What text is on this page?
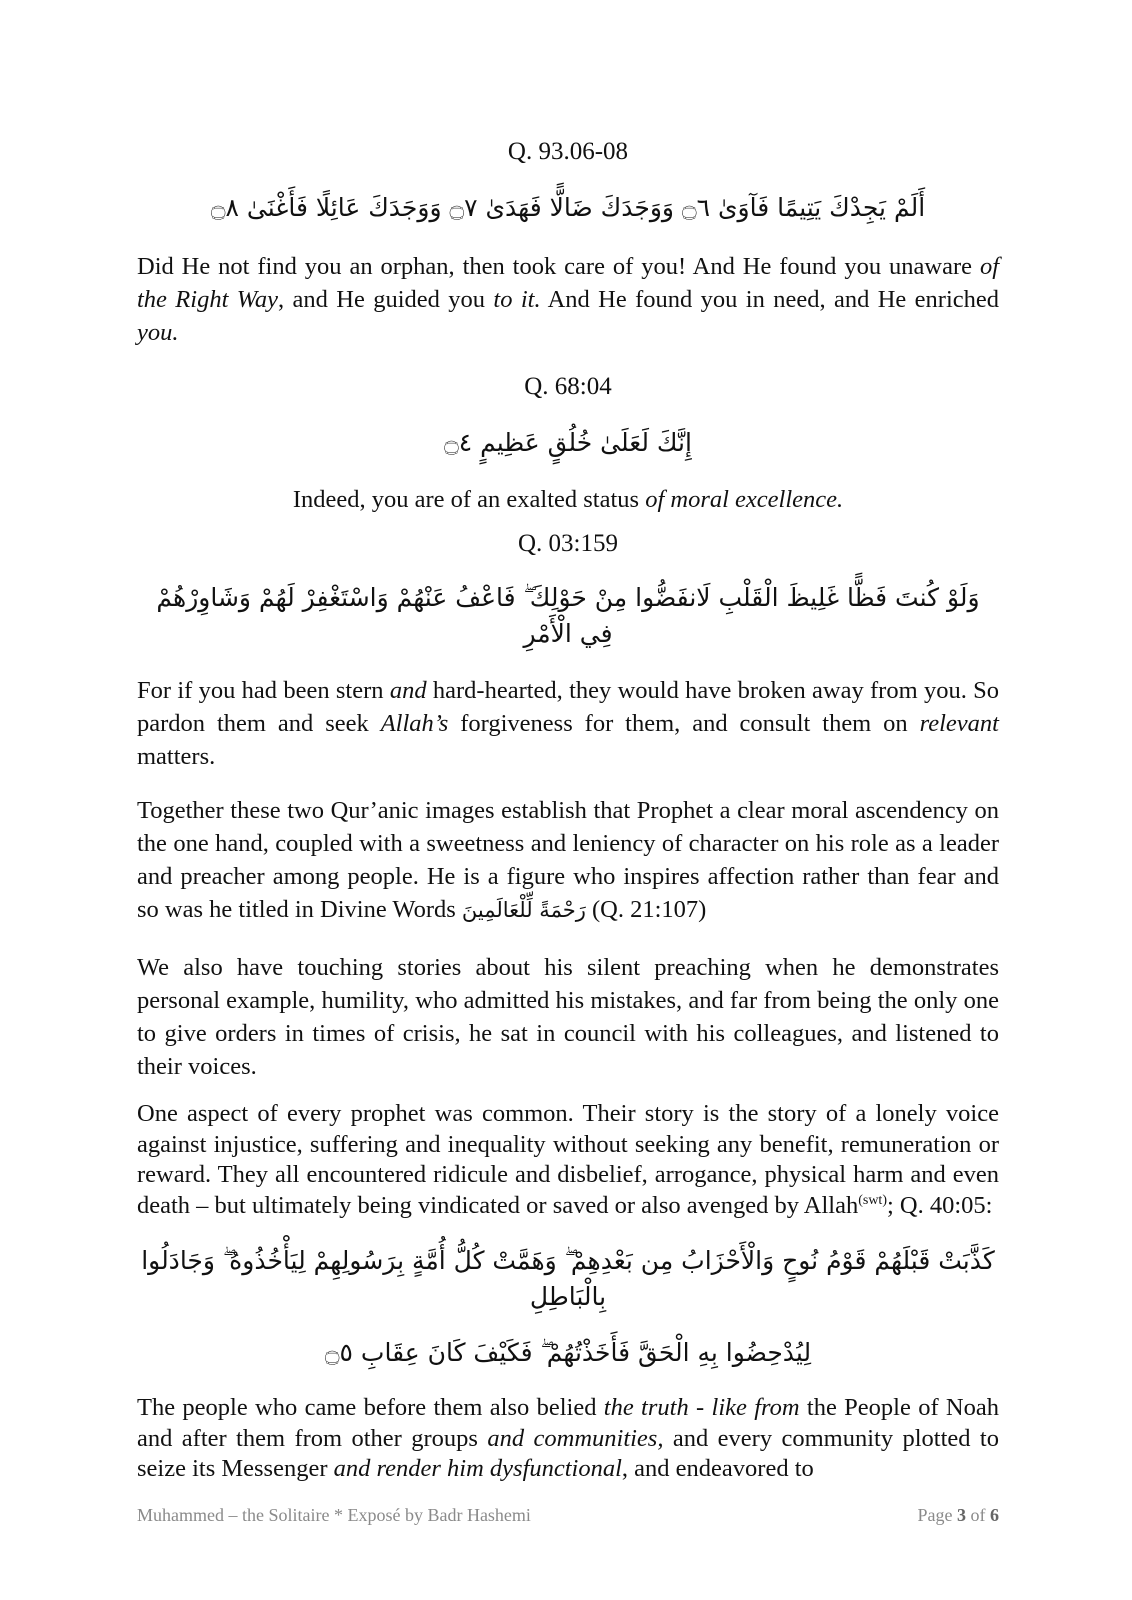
Q. 93.06-08

أَلَمْ يَجِدْكَ يَتِيمًا فَآوَىٰ ۝٦ وَوَجَدَكَ ضَالًّا فَهَدَىٰ ۝٧ وَوَجَدَكَ عَائِلًا فَأَغْنَىٰ ۝٨

Did He not find you an orphan, then took care of you! And He found you unaware of the Right Way, and He guided you to it. And He found you in need, and He enriched you.

Q. 68:04

إِنَّكَ لَعَلَىٰ خُلُقٍ عَظِيمٍ ۝٤

Indeed, you are of an exalted status of moral excellence.

Q. 03:159

وَلَوْ كُنتَ فَظًّا غَلِيظَ الْقَلْبِ لَانفَضُّوا مِنْ حَوْلِكَ ۖ فَاعْفُ عَنْهُمْ وَاسْتَغْفِرْ لَهُمْ وَشَاوِرْهُمْ فِي الْأَمْرِ

For if you had been stern and hard-hearted, they would have broken away from you. So pardon them and seek Allah’s forgiveness for them, and consult them on relevant matters.

Together these two Qur’anic images establish that Prophet a clear moral ascendency on the one hand, coupled with a sweetness and leniency of character on his role as a leader and preacher among people. He is a figure who inspires affection rather than fear and so was he titled in Divine Words رَحْمَةً لِّلْعَالَمِينَ (Q. 21:107)

We also have touching stories about his silent preaching when he demonstrates personal example, humility, who admitted his mistakes, and far from being the only one to give orders in times of crisis, he sat in council with his colleagues, and listened to their voices.

One aspect of every prophet was common. Their story is the story of a lonely voice against injustice, suffering and inequality without seeking any benefit, remuneration or reward. They all encountered ridicule and disbelief, arrogance, physical harm and even death – but ultimately being vindicated or saved or also avenged by Allah$^{(swt)}$; Q. 40:05:

كَذَّبَتْ قَبْلَهُمْ قَوْمُ نُوحٍ وَالْأَحْزَابُ مِن بَعْدِهِمْ ۖ وَهَمَّتْ كُلُّ أُمَّةٍ بِرَسُولِهِمْ لِيَأْخُذُوهُ ۖ وَجَادَلُوا بِالْبَاطِلِ

لِيُدْحِضُوا بِهِ الْحَقَّ فَأَخَذْتُهُمْ ۖ فَكَيْفَ كَانَ عِقَابِ ۝٥

The people who came before them also belied the truth - like from the People of Noah and after them from other groups and communities, and every community plotted to seize its Messenger and render him dysfunctional, and endeavored to

Muhammed – the Solitaire * Exposé by Badr Hashemi	Page 3 of 6
